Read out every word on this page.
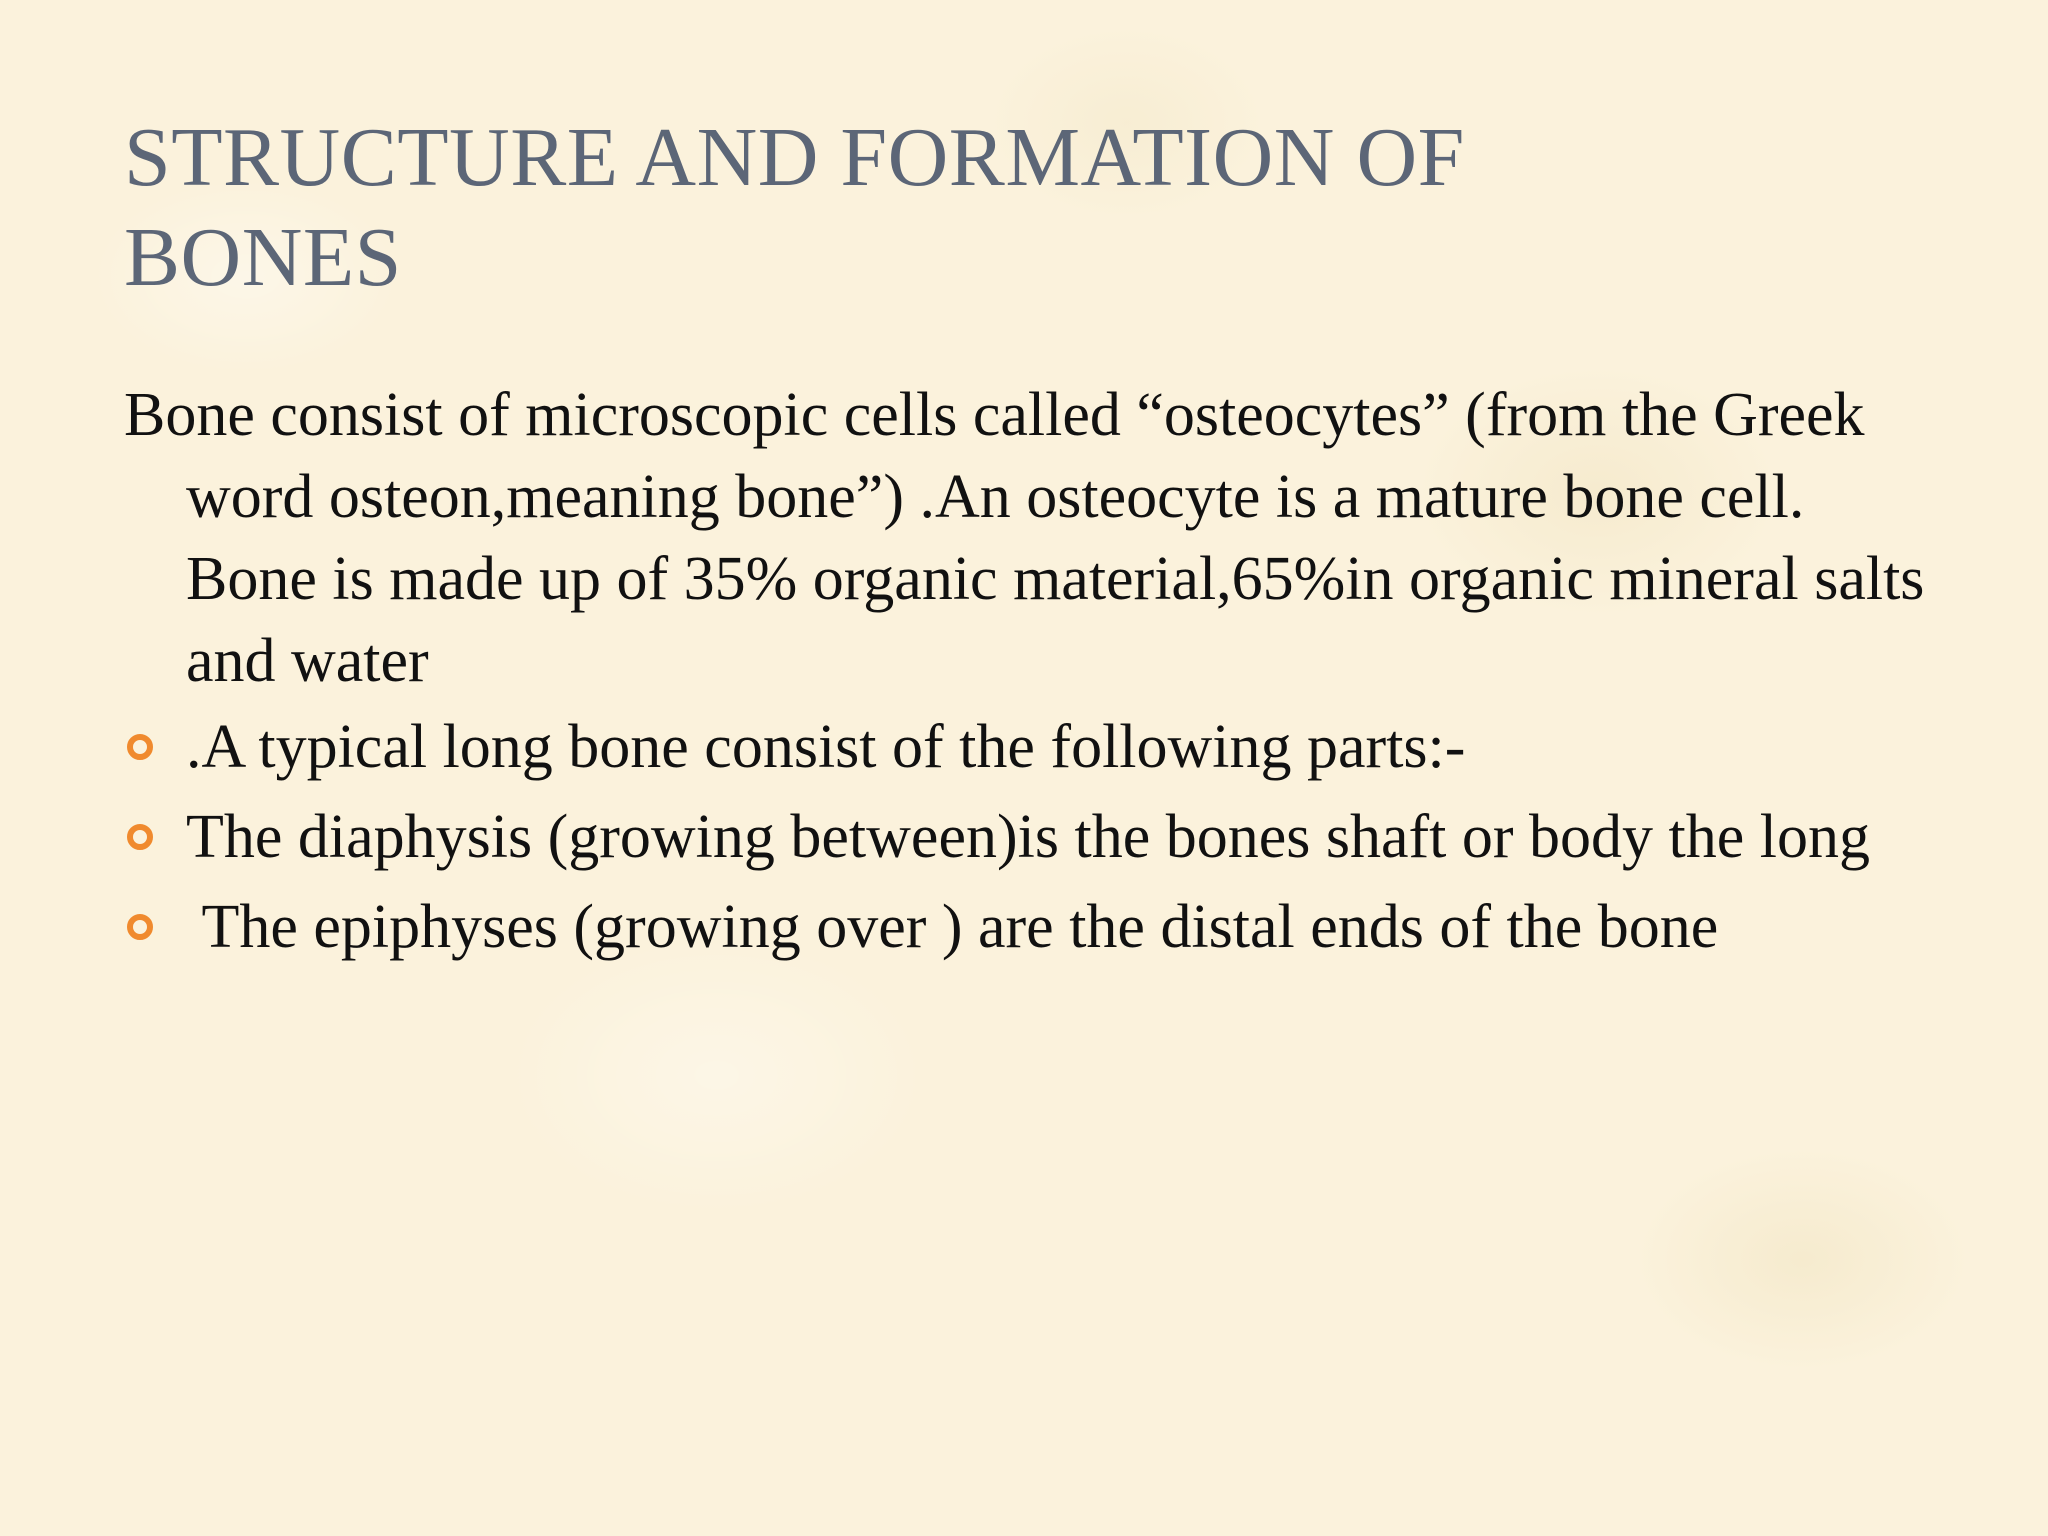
STRUCTURE AND FORMATION OF
BONES

Bone consist of microscopic cells called “osteocytes” (from the Greek word osteon,meaning bone”) .An osteocyte is a mature bone cell. Bone is made up of 35% organic material,65%in organic mineral salts and water

.A typical long bone consist of the following parts:-
The diaphysis (growing between)is the bones shaft or body the long
The epiphyses (growing over ) are the distal ends of the bone
